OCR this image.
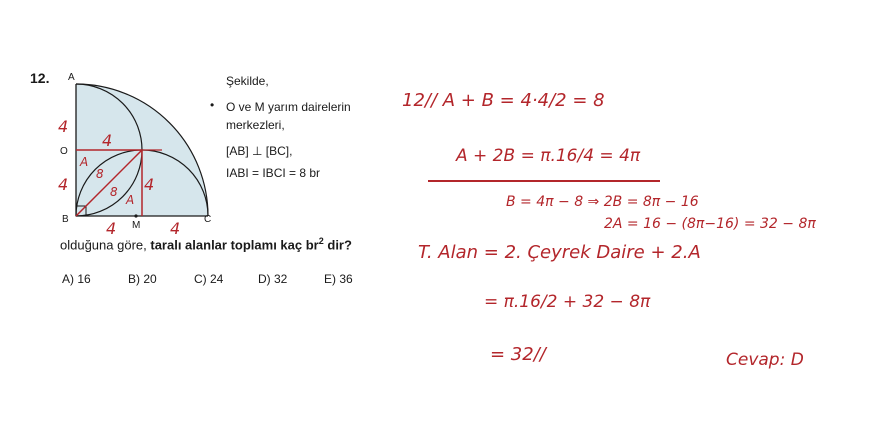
12. A
O
B
M
C
4
4
4
4
4	4
A
A
8
8
Şekilde,
• O ve M yarım dairelerin
merkezleri,
[AB] ⊥ [BC],
IABI = IBCI = 8 br
olduğuna göre, taralı alanlar toplamı kaç $br^2$ dir?
A) 16	B) 20	C) 24	D) 32	E) 36
12// A + B = 4·4/2 = 8
A + 2B = π.16/4 = 4π
B = 4π − 8 ⇒ 2B = 8π − 16
2A = 16 − (8π−16) = 32 − 8π
T. Alan = 2. Çeyrek Daire + 2.A
= π.16/2 + 32 − 8π
= 32//	Cevap: D
